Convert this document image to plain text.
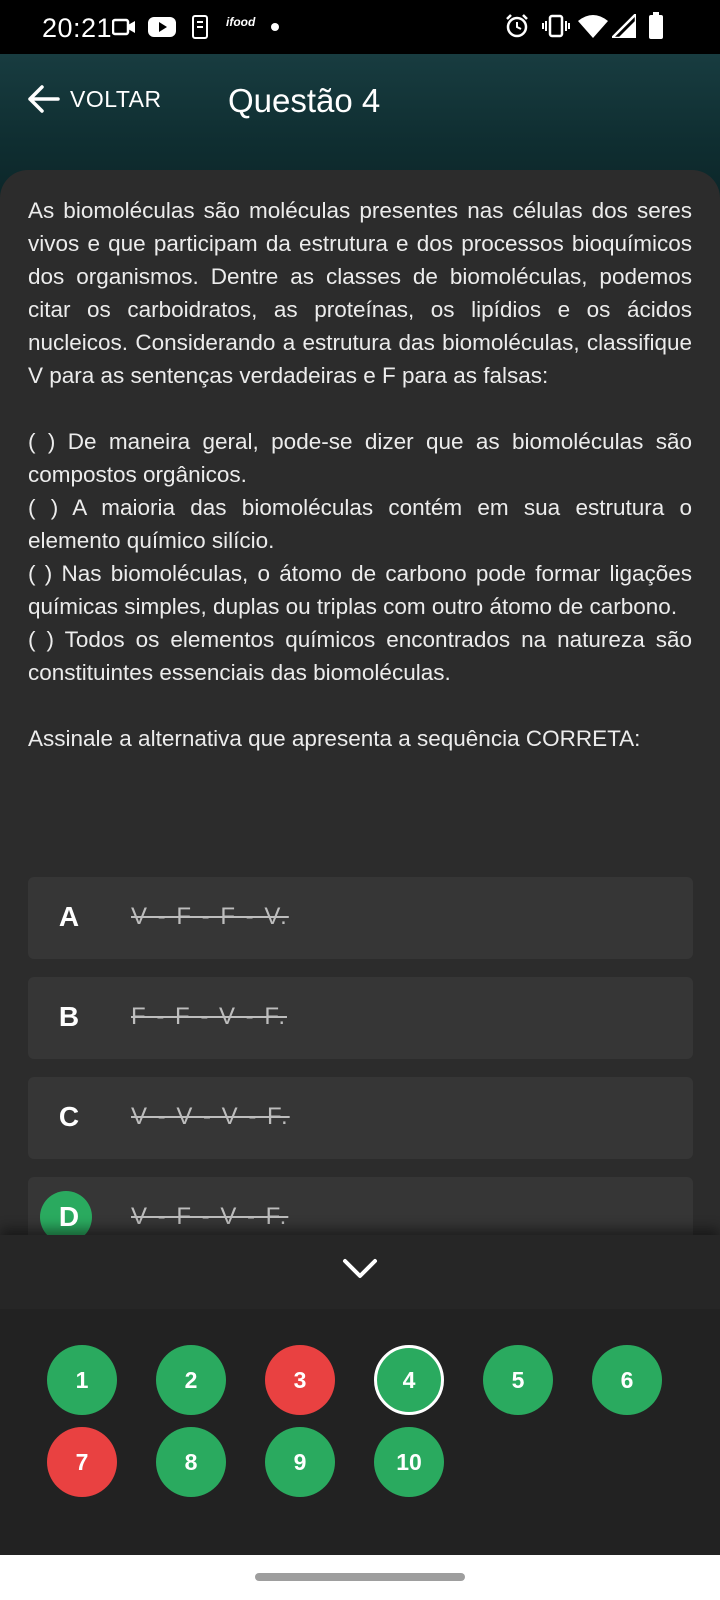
20:21	ifood
VOLTAR Questão 4

As biomoléculas são moléculas presentes nas células dos seres vivos e que participam da estrutura e dos processos bioquímicos dos organismos. Dentre as classes de biomoléculas, podemos citar os carboidratos, as proteínas, os lipídios e os ácidos nucleicos. Considerando a estrutura das biomoléculas, classifique V para as sentenças verdadeiras e F para as falsas:

( ) De maneira geral, pode-se dizer que as biomoléculas são compostos orgânicos.

( ) A maioria das biomoléculas contém em sua estrutura o elemento químico silício.

( ) Nas biomoléculas, o átomo de carbono pode formar ligações químicas simples, duplas ou triplas com outro átomo de carbono.

( ) Todos os elementos químicos encontrados na natureza são constituintes essenciais das biomoléculas.

Assinale a alternativa que apresenta a sequência CORRETA:

A V - F - F - V.
B F - F - V - F.
C V - V - V - F.
D V - F - V - F.
1	2	3	4	5	6
7	8	9	10
